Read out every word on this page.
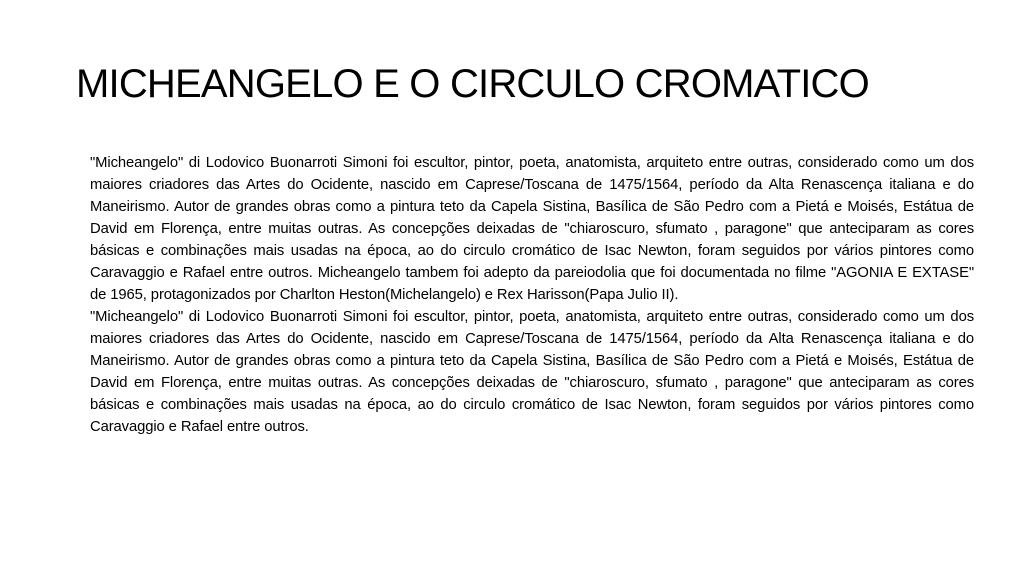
MICHEANGELO E O CIRCULO CROMATICO

"Micheangelo" di Lodovico Buonarroti Simoni foi escultor, pintor, poeta, anatomista, arquiteto entre outras, considerado como um dos maiores criadores das Artes do Ocidente, nascido em Caprese/Toscana de 1475/1564, período da Alta Renascença italiana e do Maneirismo. Autor de grandes obras como a pintura teto da Capela Sistina, Basílica de São Pedro com a Pietá e Moisés, Estátua de David em Florença, entre muitas outras. As concepções deixadas de "chiaroscuro, sfumato , paragone" que anteciparam as cores básicas e combinações mais usadas na época, ao do circulo cromático de Isac Newton, foram seguidos por vários pintores como Caravaggio e Rafael entre outros. Micheangelo tambem foi adepto da pareiodolia que foi documentada no filme "AGONIA E EXTASE" de 1965, protagonizados por Charlton Heston(Michelangelo) e Rex Harisson(Papa Julio II).

"Micheangelo" di Lodovico Buonarroti Simoni foi escultor, pintor, poeta, anatomista, arquiteto entre outras, considerado como um dos maiores criadores das Artes do Ocidente, nascido em Caprese/Toscana de 1475/1564, período da Alta Renascença italiana e do Maneirismo. Autor de grandes obras como a pintura teto da Capela Sistina, Basílica de São Pedro com a Pietá e Moisés, Estátua de David em Florença, entre muitas outras. As concepções deixadas de "chiaroscuro, sfumato , paragone" que anteciparam as cores básicas e combinações mais usadas na época, ao do circulo cromático de Isac Newton, foram seguidos por vários pintores como Caravaggio e Rafael entre outros.
